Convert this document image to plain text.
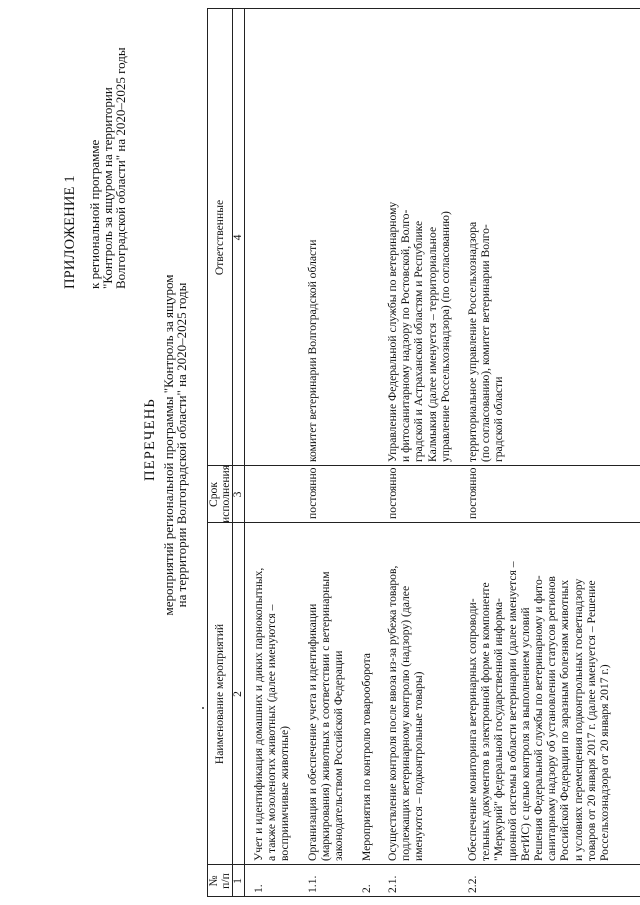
ПРИЛОЖЕНИЕ 1 к региональной программе
"Контроль за ящуром на территории
Волгоградской области" на 2020–2025 годы
ПЕРЕЧЕНЬ мероприятий региональной программы "Контроль за ящуром
на территории Волгоградской области" на 2020–2025 годы
№ п/п
Наименование мероприятий
Срок исполнения
Ответственные
1
2
3
4
1.
Учет и идентификация домашних и диких парнокопытных, а также мозоленогих животных (далее именуются – восприимчивые животные)
1.1.
Организация и обеспечение учета и идентификации (маркирования) животных в соответствии с ветеринарным законодательством Российской Федерации
постоянно
комитет ветеринарии Волгоградской области
2.
Мероприятия по контролю товарооборота
2.1.
Осуществление контроля после ввоза из-за рубежа товаров, подлежащих ветеринарному контролю (надзору) (далее именуются – подконтрольные товары)
постоянно
Управление Федеральной службы по ветеринарному и фитосанитарному надзору по Ростовской, Волго- градской и Астраханской областям и Республике Калмыкия (далее именуется – территориальное управление Россельхознадзора) (по согласованию)
2.2.
Обеспечение мониторинга ветеринарных сопроводи- тельных документов в электронной форме в компоненте "Меркурий" федеральной государственной информа- ционной системы в области ветеринарии (далее именуется – ВетИС) с целью контроля за выполнением условий Решения Федеральной службы по ветеринарному и фито- санитарному надзору об установлении статусов регионов Российской Федерации по заразным болезням животных и условиях перемещения подконтрольных госветнадзору товаров от 20 января 2017 г. (далее именуется – Решение Россельхознадзора от 20 января 2017 г.)
постоянно
территориальное управление Россельхознадзора (по согласованию), комитет ветеринарии Волго- градской области
